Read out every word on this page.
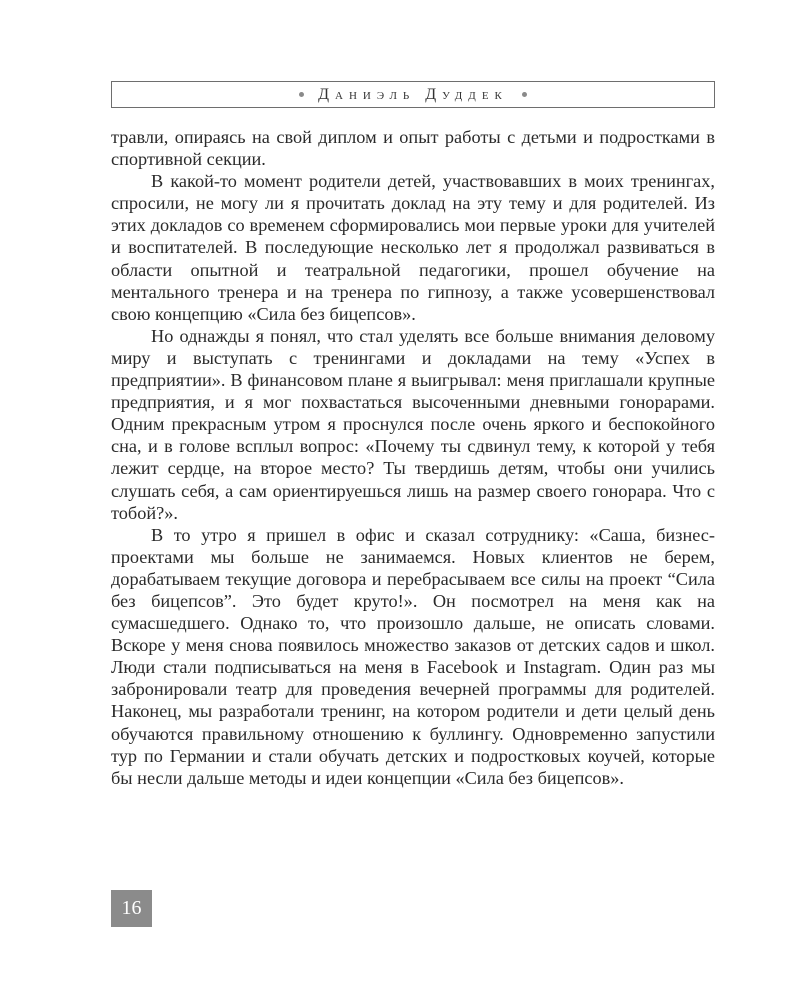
Даниэль Дуддек

травли, опираясь на свой диплом и опыт работы с детьми и подростками в спортивной секции.

В какой-то момент родители детей, участвовавших в моих тренингах, спросили, не могу ли я прочитать доклад на эту тему и для родителей. Из этих докладов со временем сформировались мои первые уроки для учителей и воспитателей. В последующие несколько лет я продолжал развиваться в области опытной и театральной педагогики, прошел обучение на ментального тренера и на тренера по гипнозу, а также усовершенствовал свою концепцию «Сила без бицепсов».

Но однажды я понял, что стал уделять все больше внимания деловому миру и выступать с тренингами и докладами на тему «Успех в предприятии». В финансовом плане я выигрывал: меня приглашали крупные предприятия, и я мог похвастаться высоченными дневными гонорарами. Одним прекрасным утром я проснулся после очень яркого и беспокойного сна, и в голове всплыл вопрос: «Почему ты сдвинул тему, к которой у тебя лежит сердце, на второе место? Ты твердишь детям, чтобы они учились слушать себя, а сам ориентируешься лишь на размер своего гонорара. Что с тобой?».

В то утро я пришел в офис и сказал сотруднику: «Саша, бизнес-проектами мы больше не занимаемся. Новых клиентов не берем, дорабатываем текущие договора и перебрасываем все силы на проект “Сила без бицепсов”. Это будет круто!». Он посмотрел на меня как на сумасшедшего. Однако то, что произошло дальше, не описать словами. Вскоре у меня снова появилось множество заказов от детских садов и школ. Люди стали подписываться на меня в Facebook и Instagram. Один раз мы забронировали театр для проведения вечерней программы для родителей. Наконец, мы разработали тренинг, на котором родители и дети целый день обучаются правильному отношению к буллингу. Одновременно запустили тур по Германии и стали обучать детских и подростковых коучей, которые бы несли дальше методы и идеи концепции «Сила без бицепсов».

16
